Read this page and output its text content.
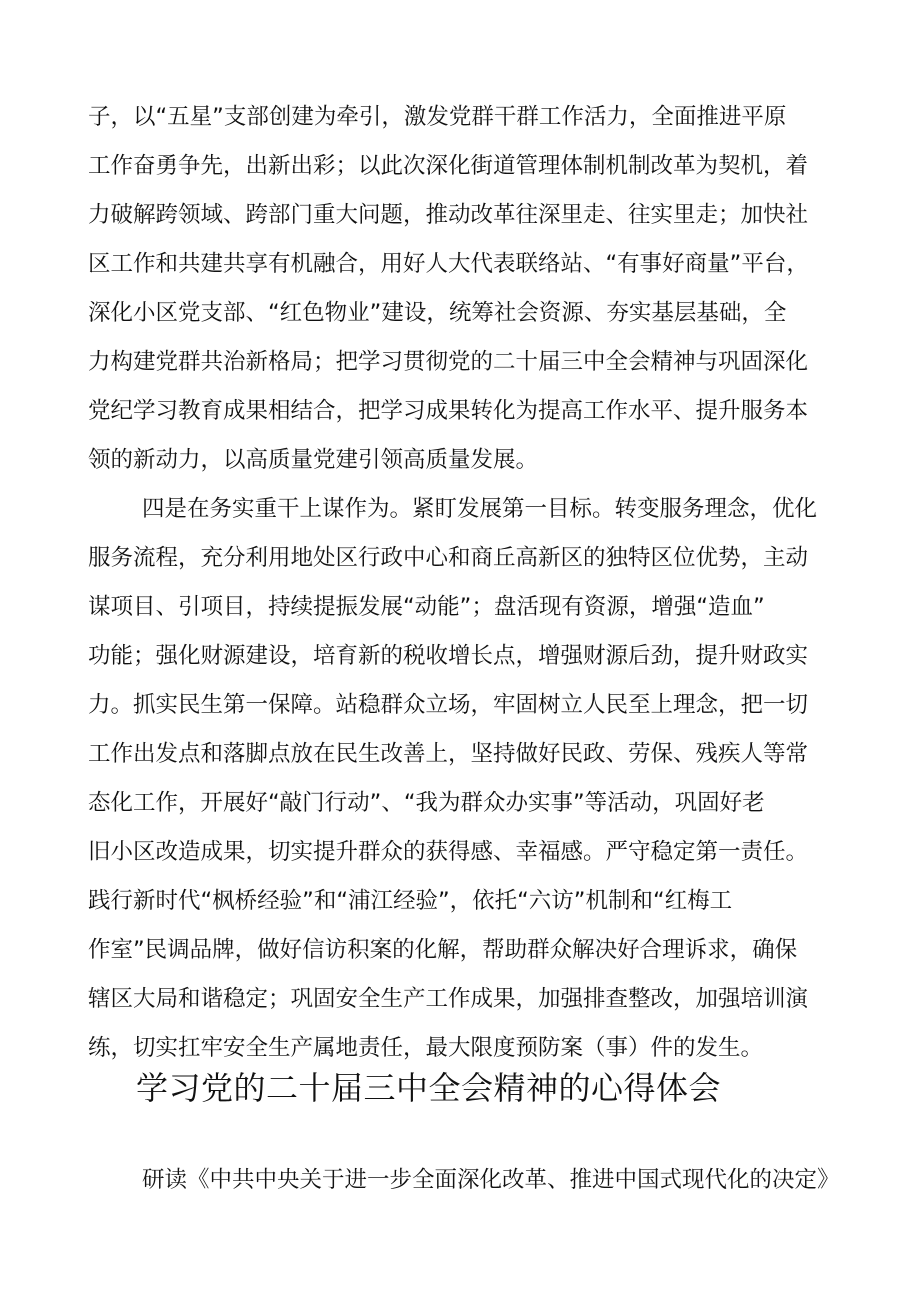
子，以“五星”支部创建为牵引，激发党群干群工作活力，全面推进平原
工作奋勇争先，出新出彩；以此次深化街道管理体制机制改革为契机，着
力破解跨领域、跨部门重大问题，推动改革往深里走、往实里走；加快社
区工作和共建共享有机融合，用好人大代表联络站、“有事好商量”平台，
深化小区党支部、“红色物业”建设，统筹社会资源、夯实基层基础，全
力构建党群共治新格局；把学习贯彻党的二十届三中全会精神与巩固深化
党纪学习教育成果相结合，把学习成果转化为提高工作水平、提升服务本
领的新动力，以高质量党建引领高质量发展。
四是在务实重干上谋作为。紧盯发展第一目标。转变服务理念，优化
服务流程，充分利用地处区行政中心和商丘高新区的独特区位优势，主动
谋项目、引项目，持续提振发展“动能”；盘活现有资源，增强“造血”
功能；强化财源建设，培育新的税收增长点，增强财源后劲，提升财政实
力。抓实民生第一保障。站稳群众立场，牢固树立人民至上理念，把一切
工作出发点和落脚点放在民生改善上，坚持做好民政、劳保、残疾人等常
态化工作，开展好“敲门行动”、“我为群众办实事”等活动，巩固好老
旧小区改造成果，切实提升群众的获得感、幸福感。严守稳定第一责任。
践行新时代“枫桥经验”和“浦江经验”，依托“六访”机制和“红梅工
作室”民调品牌，做好信访积案的化解，帮助群众解决好合理诉求，确保
辖区大局和谐稳定；巩固安全生产工作成果，加强排查整改，加强培训演
练，切实扛牢安全生产属地责任，最大限度预防案（事）件的发生。
学习党的二十届三中全会精神的心得体会
研读《中共中央关于进一步全面深化改革、推进中国式现代化的决定》
